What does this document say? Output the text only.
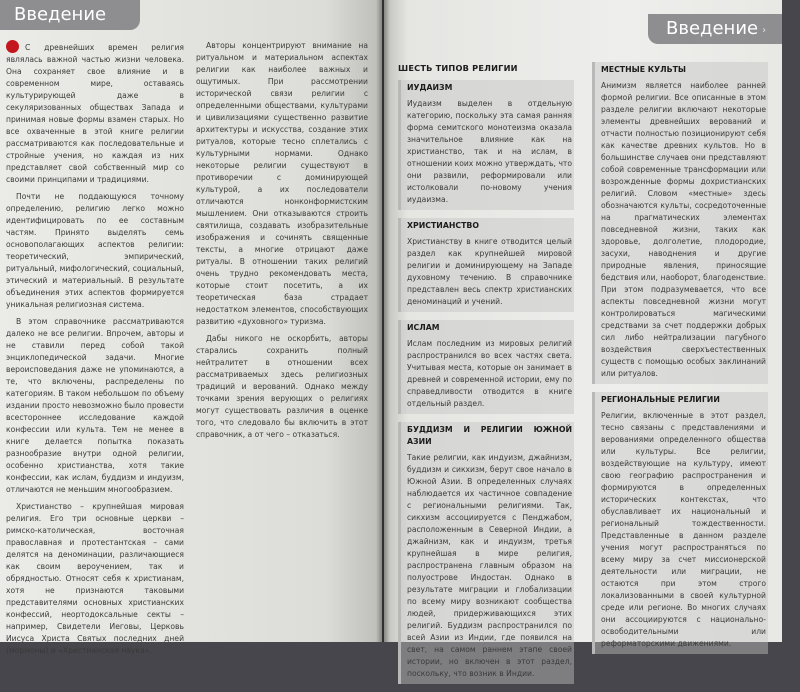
Введение
Введение ›

С древнейших времен религия являлась важной частью жизни человека. Она сохраняет свое влияние и в современном мире, оставаясь культурирующей даже в секуляризованных обществах Запада и принимая новые формы взамен старых. Но все охваченные в этой книге религии рассматриваются как последовательные и стройные учения, но каждая из них представляет свой собственный мир со своими принципами и традициями.

Почти не поддающуюся точному определению, религию легко можно идентифицировать по ее составным частям. Принято выделять семь основополагающих аспектов религии: теоретический, эмпирический, ритуальный, мифологический, социальный, этический и материальный. В результате объединения этих аспектов формируется уникальная религиозная система.

В этом справочнике рассматриваются далеко не все религии. Впрочем, авторы и не ставили перед собой такой энциклопедической задачи. Многие вероисповедания даже не упоминаются, а те, что включены, распределены по категориям. В таком небольшом по объему издании просто невозможно было провести всестороннее исследование каждой конфессии или культа. Тем не менее в книге делается попытка показать разнообразие внутри одной религии, особенно христианства, хотя такие конфессии, как ислам, буддизм и индуизм, отличаются не меньшим многообразием.

Христианство – крупнейшая мировая религия. Его три основные церкви – римско-католическая, восточная православная и протестантская – сами делятся на деноминации, различающиеся как своим вероучением, так и обрядностью. Относят себя к христианам, хотя не признаются таковыми представителями основных христианских конфессий, неортодоксальные секты – например, Свидетели Иеговы, Церковь Иисуса Христа Святых последних дней (мормоны) и «Христианская наука».

Авторы концентрируют внимание на ритуальном и материальном аспектах религии как наиболее важных и ощутимых. При рассмотрении исторической связи религии с определенными обществами, культурами и цивилизациями существенно развитие архитектуры и искусства, создание этих ритуалов, которые тесно сплетались с культурными нормами. Однако некоторые религии существуют в противоречии с доминирующей культурой, а их последователи отличаются нонконформистским мышлением. Они отказываются строить святилища, создавать изобразительные изображения и сочинять священные тексты, а многие отрицают даже ритуалы. В отношении таких религий очень трудно рекомендовать места, которые стоит посетить, а их теоретическая база страдает недостатком элементов, способствующих развитию «духовного» туризма.

Дабы никого не оскорбить, авторы старались сохранить полный нейтралитет в отношении всех рассматриваемых здесь религиозных традиций и верований. Однако между точками зрения верующих о религиях могут существовать различия в оценке того, что следовало бы включить в этот справочник, а от чего – отказаться.

ШЕСТЬ ТИПОВ РЕЛИГИИ
ИУДАИЗМ

Иудаизм выделен в отдельную категорию, поскольку эта самая ранняя форма семитского монотеизма оказала значительное влияние как на христианство, так и на ислам, в отношении коих можно утверждать, что они развили, реформировали или истолковали по-новому учения иудаизма.

ХРИСТИАНСТВО

Христианству в книге отводится целый раздел как крупнейшей мировой религии и доминирующему на Западе духовному течению. В справочнике представлен весь спектр христианских деноминаций и учений.

ИСЛАМ

Ислам последним из мировых религий распространился во всех частях света. Учитывая места, которые он занимает в древней и современной истории, ему по справедливости отводится в книге отдельный раздел.

БУДДИЗМ И РЕЛИГИИ ЮЖНОЙ АЗИИ

Такие религии, как индуизм, джайнизм, буддизм и сикхизм, берут свое начало в Южной Азии. В определенных случаях наблюдается их частичное совпадение с региональными религиями. Так, сикхизм ассоциируется с Пенджабом, расположенным в Северной Индии, а джайнизм, как и индуизм, третья крупнейшая в мире религия, распространена главным образом на полуострове Индостан. Однако в результате миграции и глобализации по всему миру возникают сообщества людей, придерживающихся этих религий. Буддизм распространился по всей Азии из Индии, где появился на свет, на самом раннем этапе своей истории, но включен в этот раздел, поскольку, что возник в Индии.

МЕСТНЫЕ КУЛЬТЫ

Анимизм является наиболее ранней формой религии. Все описанные в этом разделе религии включают некоторые элементы древнейших верований и отчасти полностью позиционируют себя как качестве древних культов. Но в большинстве случаев они представляют собой современные трансформации или возрожденные формы дохристианских религий. Словом «местные» здесь обозначаются культы, сосредоточенные на прагматических элементах повседневной жизни, таких как здоровье, долголетие, плодородие, засухи, наводнения и другие природные явления, приносящие бедствия или, наоборот, благоденствие. При этом подразумевается, что все аспекты повседневной жизни могут контролироваться магическими средствами за счет поддержки добрых сил либо нейтрализации пагубного воздействия сверхъестественных существ с помощью особых заклинаний или ритуалов.

РЕГИОНАЛЬНЫЕ РЕЛИГИИ

Религии, включенные в этот раздел, тесно связаны с представлениями и верованиями определенного общества или культуры. Все религии, воздействующие на культуру, имеют свою географию распространения и формируются в определенных исторических контекстах, что обуславливает их национальный и региональный тождественности. Представленные в данном разделе учения могут распространяться по всему миру за счет миссионерской деятельности или миграции, не остаются при этом строго локализованными в своей культурной среде или регионе. Во многих случаях они ассоциируются с национально-освободительными или реформаторскими движениями.
